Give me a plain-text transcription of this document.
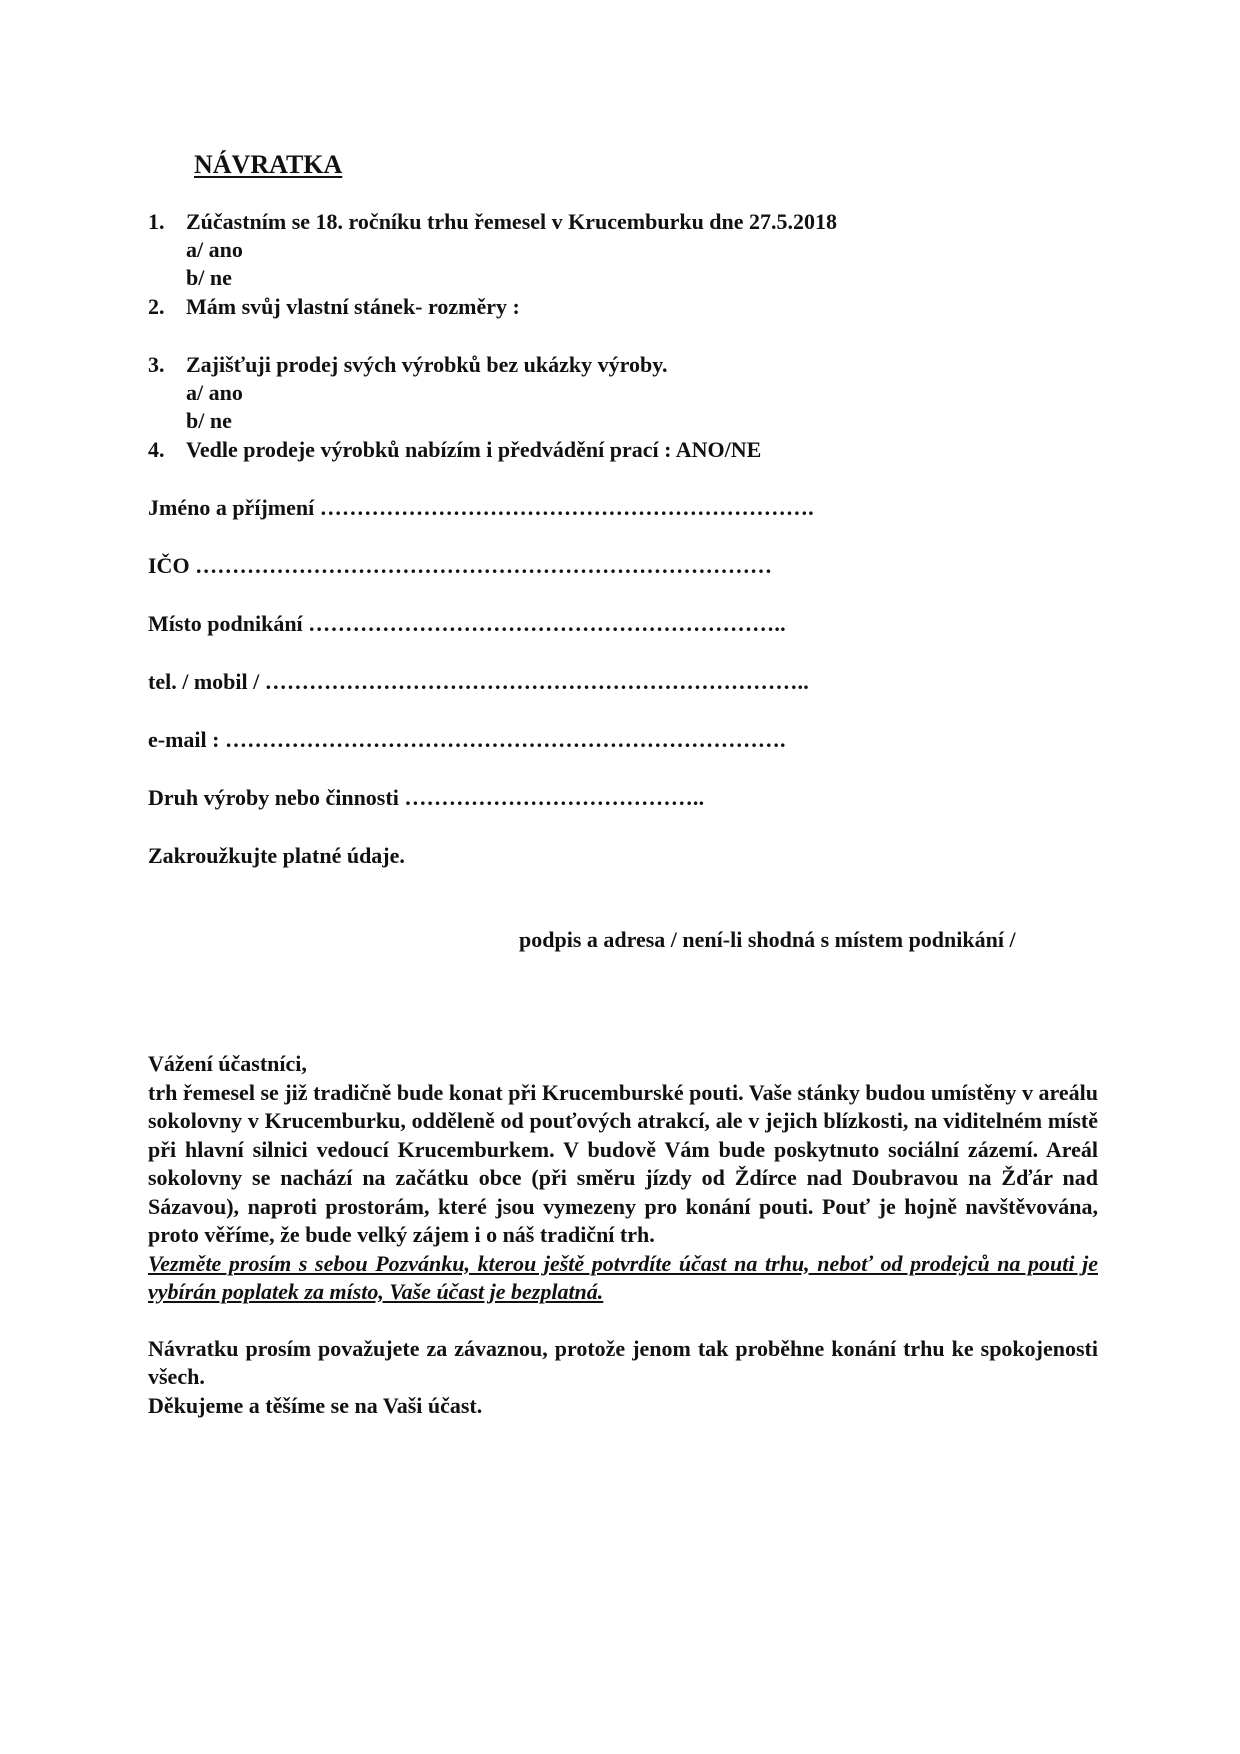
NÁVRATKA
1. Zúčastním se 18. ročníku trhu řemesel v Krucemburku dne 27.5.2018
a/ ano
b/ ne
2. Mám svůj vlastní stánek- rozměry :
3. Zajišťuji prodej svých výrobků bez ukázky výroby.
a/ ano
b/ ne
4. Vedle prodeje výrobků nabízím i předvádění prací : ANO/NE
Jméno a příjmení ………………………………………………………….
IČO ……………………………………………………………………
Místo podnikání ………………………………………………………..
tel. / mobil / ………………………………………………………………..
e-mail : ………………………………………………………………….
Druh výroby nebo činnosti …………………………………..
Zakroužkujte platné údaje.
podpis a adresa / není-li shodná s místem podnikání /

Vážení účastníci,

trh řemesel se již tradičně bude konat při Krucemburské pouti. Vaše stánky budou umístěny v areálu sokolovny v Krucemburku, odděleně od pouťových atrakcí, ale v jejich blízkosti, na viditelném místě při hlavní silnici vedoucí Krucemburkem. V budově Vám bude poskytnuto sociální zázemí. Areál sokolovny se nachází na začátku obce (při směru jízdy od Ždírce nad Doubravou na Žďár nad Sázavou), naproti prostorám, které jsou vymezeny pro konání pouti. Pouť je hojně navštěvována, proto věříme, že bude velký zájem i o náš tradiční trh.

Vezměte prosím s sebou Pozvánku, kterou ještě potvrdíte účast na trhu, neboť od prodejců na pouti je vybírán poplatek za místo, Vaše účast je bezplatná.

Návratku prosím považujete za závaznou, protože jenom tak proběhne konání trhu ke spokojenosti všech.

Děkujeme a těšíme se na Vaši účast.
